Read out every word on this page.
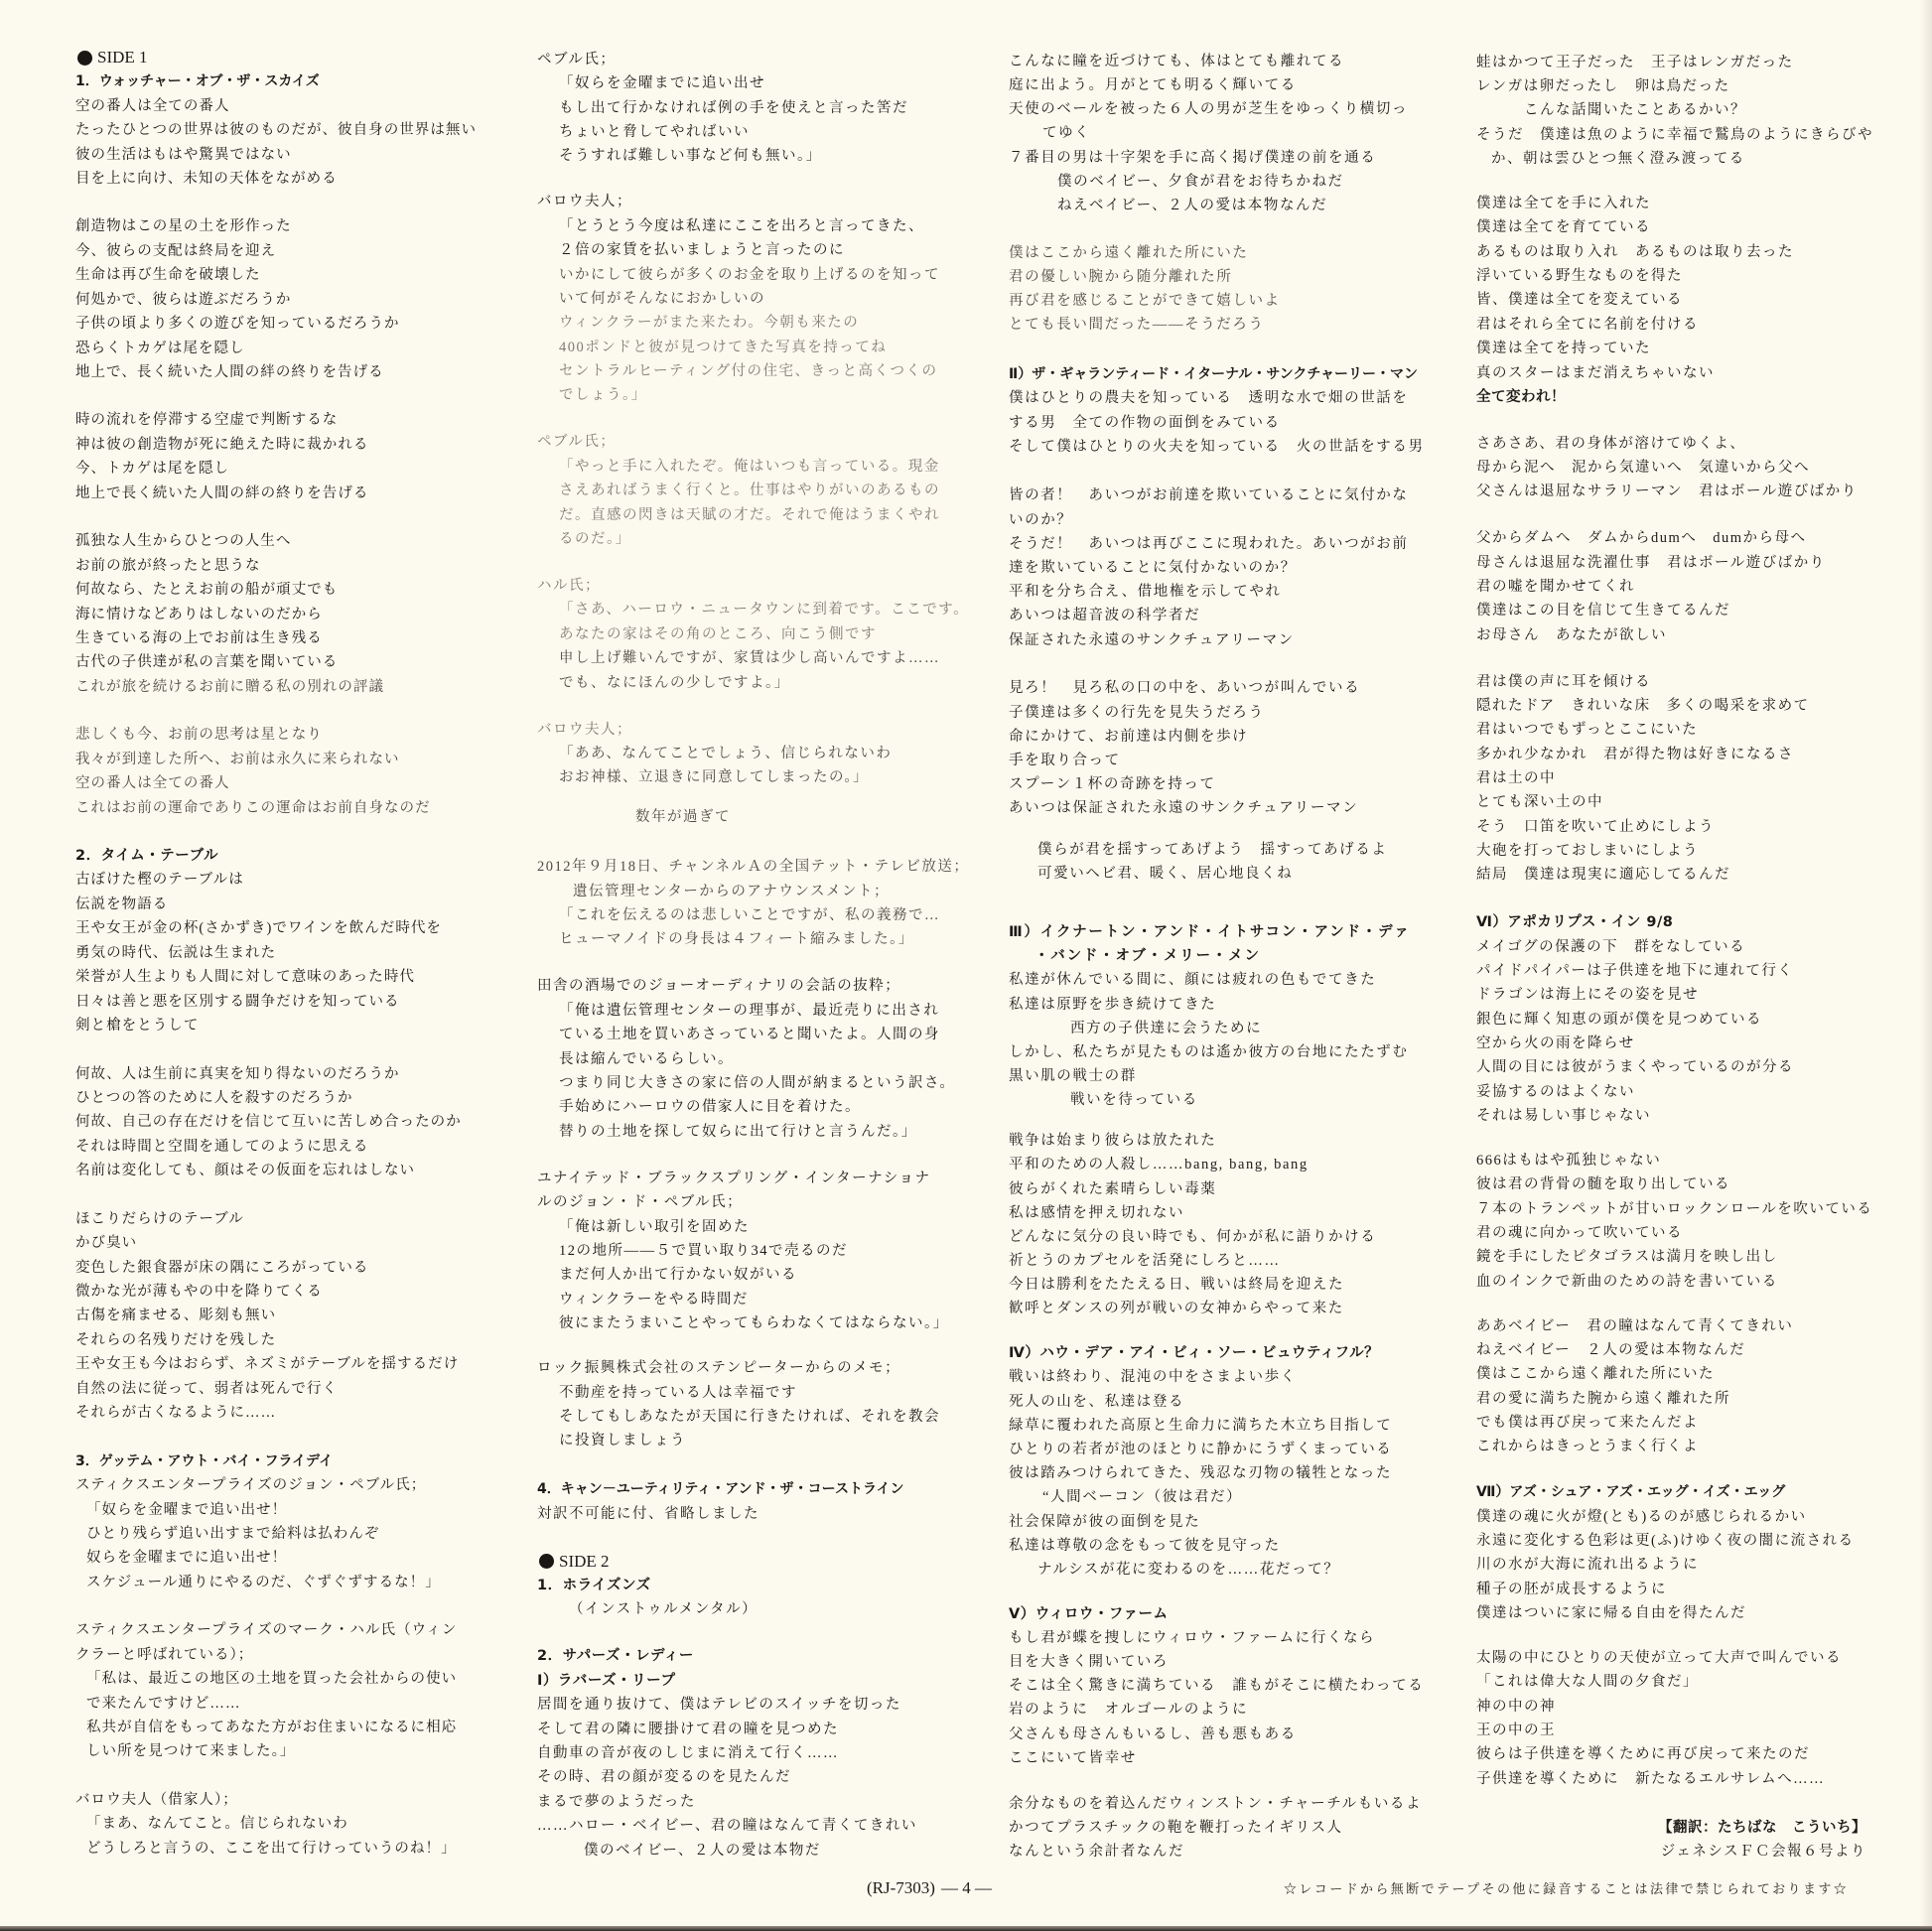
SIDE 1
1．ウォッチャー・オブ・ザ・スカイズ
空の番人は全ての番人
たったひとつの世界は彼のものだが、彼自身の世界は無い
彼の生活はもはや驚異ではない
目を上に向け、未知の天体をながめる
創造物はこの星の土を形作った
今、彼らの支配は終局を迎え
生命は再び生命を破壊した
何処かで、彼らは遊ぶだろうか
子供の頃より多くの遊びを知っているだろうか
恐らくトカゲは尾を隠し
地上で、長く続いた人間の絆の終りを告げる
時の流れを停滞する空虚で判断するな
神は彼の創造物が死に絶えた時に裁かれる
今、トカゲは尾を隠し
地上で長く続いた人間の絆の終りを告げる
孤独な人生からひとつの人生へ
お前の旅が終ったと思うな
何故なら、たとえお前の船が頑丈でも
海に情けなどありはしないのだから
生きている海の上でお前は生き残る
古代の子供達が私の言葉を聞いている
これが旅を続けるお前に贈る私の別れの評議
悲しくも今、お前の思考は星となり
我々が到達した所へ、お前は永久に来られない
空の番人は全ての番人
これはお前の運命でありこの運命はお前自身なのだ
2．タイム・テーブル
古ぼけた樫のテーブルは
伝説を物語る
王や女王が金の杯(さかずき)でワインを飲んだ時代を
勇気の時代、伝説は生まれた
栄誉が人生よりも人間に対して意味のあった時代
日々は善と悪を区別する闘争だけを知っている
剣と槍をとうして
何故、人は生前に真実を知り得ないのだろうか
ひとつの答のために人を殺すのだろうか
何故、自己の存在だけを信じて互いに苦しめ合ったのか
それは時間と空間を通してのように思える
名前は変化しても、顔はその仮面を忘れはしない
ほこりだらけのテーブル
かび臭い
変色した銀食器が床の隅にころがっている
微かな光が薄もやの中を降りてくる
古傷を痛ませる、彫刻も無い
それらの名残りだけを残した
王や女王も今はおらず、ネズミがテーブルを揺するだけ
自然の法に従って、弱者は死んで行く
それらが古くなるように……
3．ゲッテム・アウト・バイ・フライデイ
スティクスエンタープライズのジョン・ペブル氏；
「奴らを金曜まで追い出せ！
ひとり残らず追い出すまで給料は払わんぞ
奴らを金曜までに追い出せ！
スケジュール通りにやるのだ、ぐずぐずするな！」
スティクスエンタープライズのマーク・ハル氏（ウィン
クラーと呼ばれている）；
「私は、最近この地区の土地を買った会社からの使い
で来たんですけど……
私共が自信をもってあなた方がお住まいになるに相応
しい所を見つけて来ました。」
バロウ夫人（借家人）；
「まあ、なんてこと。信じられないわ
どうしろと言うの、ここを出て行けっていうのね！」
ペブル氏；
「奴らを金曜までに追い出せ
もし出て行かなければ例の手を使えと言った筈だ
ちょいと脅してやればいい
そうすれば難しい事など何も無い。」
バロウ夫人；
「とうとう今度は私達にここを出ろと言ってきた、
２倍の家賃を払いましょうと言ったのに
いかにして彼らが多くのお金を取り上げるのを知って
いて何がそんなにおかしいの
ウィンクラーがまた来たわ。今朝も来たの
400ポンドと彼が見つけてきた写真を持ってね
セントラルヒーティング付の住宅、きっと高くつくの
でしょう。」
ペブル氏；
「やっと手に入れたぞ。俺はいつも言っている。現金
さえあればうまく行くと。仕事はやりがいのあるもの
だ。直感の閃きは天賦の才だ。それで俺はうまくやれ
るのだ。」
ハル氏；
「さあ、ハーロウ・ニュータウンに到着です。ここです。
あなたの家はその角のところ、向こう側です
申し上げ難いんですが、家賃は少し高いんですよ……
でも、なにほんの少しですよ。」
バロウ夫人；
「ああ、なんてことでしょう、信じられないわ
おお神様、立退きに同意してしまったの。」
数年が過ぎて
2012年９月18日、チャンネルＡの全国テット・テレビ放送；
遺伝管理センターからのアナウンスメント；
「これを伝えるのは悲しいことですが、私の義務で…
ヒューマノイドの身長は４フィート縮みました。」
田舎の酒場でのジョーオーディナリの会話の抜粋；
「俺は遺伝管理センターの理事が、最近売りに出され
ている土地を買いあさっていると聞いたよ。人間の身
長は縮んでいるらしい。
つまり同じ大きさの家に倍の人間が納まるという訳さ。
手始めにハーロウの借家人に目を着けた。
替りの土地を探して奴らに出て行けと言うんだ。」
ユナイテッド・ブラックスプリング・インターナショナ
ルのジョン・ド・ペブル氏；
「俺は新しい取引を固めた
12の地所——５で買い取り34で売るのだ
まだ何人か出て行かない奴がいる
ウィンクラーをやる時間だ
彼にまたうまいことやってもらわなくてはならない。」
ロック振興株式会社のステンピーターからのメモ；
不動産を持っている人は幸福です
そしてもしあなたが天国に行きたければ、それを教会
に投資しましょう
4．キャン－ユーティリティ・アンド・ザ・コーストライン
対訳不可能に付、省略しました
SIDE 2
1．ホライズンズ
（インストゥルメンタル）
2．サパーズ・レディー
Ⅰ）ラバーズ・リープ
居間を通り抜けて、僕はテレビのスイッチを切った
そして君の隣に腰掛けて君の瞳を見つめた
自動車の音が夜のしじまに消えて行く……
その時、君の顔が変るのを見たんだ
まるで夢のようだった
……ハロー・ベイビー、君の瞳はなんて青くてきれい
僕のベイビー、２人の愛は本物だ
こんなに瞳を近づけても、体はとても離れてる
庭に出よう。月がとても明るく輝いてる
天使のベールを被った６人の男が芝生をゆっくり横切っ
てゆく
７番目の男は十字架を手に高く掲げ僕達の前を通る
僕のベイビー、夕食が君をお待ちかねだ
ねえベイビー、２人の愛は本物なんだ
僕はここから遠く離れた所にいた
君の優しい腕から随分離れた所
再び君を感じることができて嬉しいよ
とても長い間だった——そうだろう
Ⅱ）ザ・ギャランティード・イターナル・サンクチャーリー・マン
僕はひとりの農夫を知っている　透明な水で畑の世話を
する男　全ての作物の面倒をみている
そして僕はひとりの火夫を知っている　火の世話をする男
皆の者！　あいつがお前達を欺いていることに気付かな
いのか？
そうだ！　あいつは再びここに現われた。あいつがお前
達を欺いていることに気付かないのか？
平和を分ち合え、借地権を示してやれ
あいつは超音波の科学者だ
保証された永遠のサンクチュアリーマン
見ろ！　見ろ私の口の中を、あいつが叫んでいる
子僕達は多くの行先を見失うだろう
命にかけて、お前達は内側を歩け
手を取り合って
スプーン１杯の奇跡を持って
あいつは保証された永遠のサンクチュアリーマン
僕らが君を揺すってあげよう　揺すってあげるよ
可愛いヘビ君、暖く、居心地良くね
Ⅲ）イクナートン・アンド・イトサコン・アンド・デァ
・バンド・オブ・メリー・メン
私達が休んでいる間に、顔には疲れの色もでてきた
私達は原野を歩き続けてきた
西方の子供達に会うために
しかし、私たちが見たものは遙か彼方の台地にたたずむ
黒い肌の戦士の群
戦いを待っている
戦争は始まり彼らは放たれた
平和のための人殺し……bang, bang, bang
彼らがくれた素晴らしい毒薬
私は感情を押え切れない
どんなに気分の良い時でも、何かが私に語りかける
祈とうのカプセルを活発にしろと……
今日は勝利をたたえる日、戦いは終局を迎えた
歓呼とダンスの列が戦いの女神からやって来た
Ⅳ）ハウ・デア・アイ・ビィ・ソー・ビュウティフル？
戦いは終わり、混沌の中をさまよい歩く
死人の山を、私達は登る
緑草に覆われた高原と生命力に満ちた木立ち目指して
ひとりの若者が池のほとりに静かにうずくまっている
彼は踏みつけられてきた、残忍な刃物の犠牲となった
“人間ベーコン（彼は君だ）
社会保障が彼の面倒を見た
私達は尊敬の念をもって彼を見守った
ナルシスが花に変わるのを……花だって？
Ⅴ）ウィロウ・ファーム
もし君が蝶を捜しにウィロウ・ファームに行くなら
目を大きく開いていろ
そこは全く驚きに満ちている　誰もがそこに横たわってる
岩のように　オルゴールのように
父さんも母さんもいるし、善も悪もある
ここにいて皆幸せ
余分なものを着込んだウィンストン・チャーチルもいるよ
かつてプラスチックの鞄を鞭打ったイギリス人
なんという余計者なんだ
蛙はかつて王子だった　王子はレンガだった
レンガは卵だったし　卵は鳥だった
こんな話聞いたことあるかい？
そうだ　僕達は魚のように幸福で鷲鳥のようにきらびや
か、朝は雲ひとつ無く澄み渡ってる
僕達は全てを手に入れた
僕達は全てを育てている
あるものは取り入れ　あるものは取り去った
浮いている野生なものを得た
皆、僕達は全てを変えている
君はそれら全てに名前を付ける
僕達は全てを持っていた
真のスターはまだ消えちゃいない
全て変われ！
さあさあ、君の身体が溶けてゆくよ、
母から泥へ　泥から気違いへ　気違いから父へ
父さんは退屈なサラリーマン　君はボール遊びばかり
父からダムへ　ダムからdumへ　dumから母へ
母さんは退屈な洗濯仕事　君はボール遊びばかり
君の嘘を聞かせてくれ
僕達はこの目を信じて生きてるんだ
お母さん　あなたが欲しい
君は僕の声に耳を傾ける
隠れたドア　きれいな床　多くの喝采を求めて
君はいつでもずっとここにいた
多かれ少なかれ　君が得た物は好きになるさ
君は土の中
とても深い土の中
そう　口笛を吹いて止めにしよう
大砲を打っておしまいにしよう
結局　僕達は現実に適応してるんだ
Ⅵ）アポカリプス・イン 9/8
メイゴグの保護の下　群をなしている
パイドパイパーは子供達を地下に連れて行く
ドラゴンは海上にその姿を見せ
銀色に輝く知恵の頭が僕を見つめている
空から火の雨を降らせ
人間の目には彼がうまくやっているのが分る
妥協するのはよくない
それは易しい事じゃない
666はもはや孤独じゃない
彼は君の背骨の髄を取り出している
７本のトランペットが甘いロックンロールを吹いている
君の魂に向かって吹いている
鏡を手にしたピタゴラスは満月を映し出し
血のインクで新曲のための詩を書いている
ああベイビー　君の瞳はなんて青くてきれい
ねえベイビー　２人の愛は本物なんだ
僕はここから遠く離れた所にいた
君の愛に満ちた腕から遠く離れた所
でも僕は再び戻って来たんだよ
これからはきっとうまく行くよ
Ⅶ）アズ・シュア・アズ・エッグ・イズ・エッグ
僕達の魂に火が燈(とも)るのが感じられるかい
永遠に変化する色彩は更(ふ)けゆく夜の闇に流される
川の水が大海に流れ出るように
種子の胚が成長するように
僕達はついに家に帰る自由を得たんだ
太陽の中にひとりの天使が立って大声で叫んでいる
「これは偉大な人間の夕食だ」
神の中の神
王の中の王
彼らは子供達を導くために再び戻って来たのだ
子供達を導くために　新たなるエルサレムへ……
【翻訳：たちばな　こういち】
ジェネシスＦＣ会報６号より
(RJ-7303) — 4 —	☆レコードから無断でテープその他に録音することは法律で禁じられております☆
